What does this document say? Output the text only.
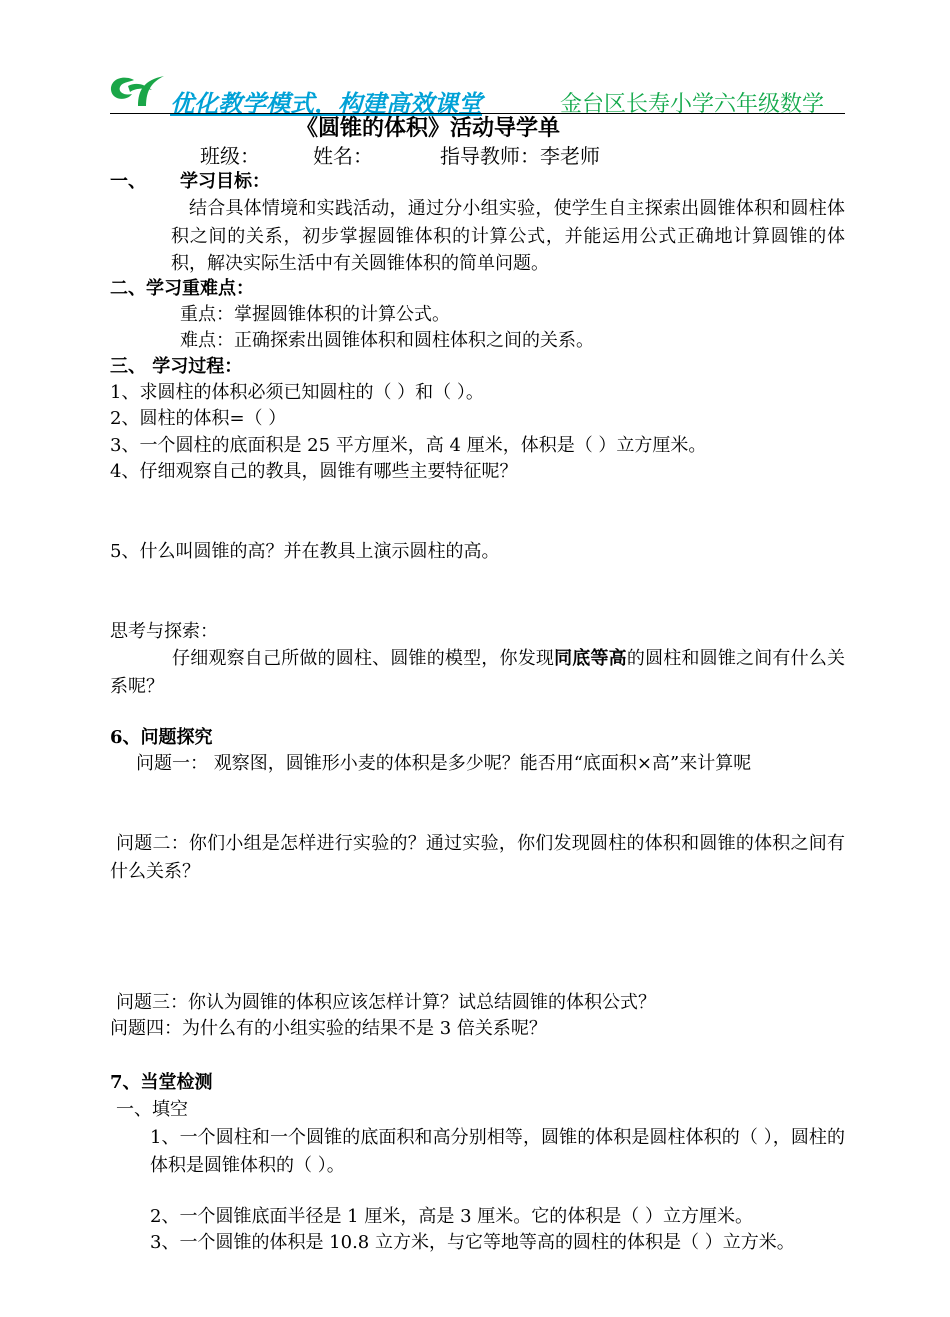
优化教学模式，构建高效课堂	金台区长寿小学六年级数学
《圆锥的体积》活动导学单
班级：	姓名：	指导教师：李老师
一、 学习目标：
结合具体情境和实践活动，通过分小组实验，使学生自主探索出圆锥体积和圆柱体积之间的关系，初步掌握圆锥体积的计算公式，并能运用公式正确地计算圆锥的体积，解决实际生活中有关圆锥体积的简单问题。
二、学习重难点：
重点：掌握圆锥体积的计算公式。
难点：正确探索出圆锥体积和圆柱体积之间的关系。
三、 学习过程：
1、求圆柱的体积必须已知圆柱的（ ）和（ ）。
2、圆柱的体积=（ ）
3、一个圆柱的底面积是 25 平方厘米，高 4 厘米，体积是（ ）立方厘米。
4、仔细观察自己的教具，圆锥有哪些主要特征呢？
5、什么叫圆锥的高？并在教具上演示圆柱的高。
思考与探索：
仔细观察自己所做的圆柱、圆锥的模型，你发现同底等高的圆柱和圆锥之间有什么关系呢？
6、问题探究
问题一： 观察图，圆锥形小麦的体积是多少呢？能否用“底面积×高”来计算呢
问题二：你们小组是怎样进行实验的？通过实验，你们发现圆柱的体积和圆锥的体积之间有什么关系？
问题三：你认为圆锥的体积应该怎样计算？试总结圆锥的体积公式？
问题四：为什么有的小组实验的结果不是 3 倍关系呢？
7、当堂检测
一、填空
1、一个圆柱和一个圆锥的底面积和高分别相等，圆锥的体积是圆柱体积的（ ），圆柱的体积是圆锥体积的（ ）。
2、一个圆锥底面半径是 1 厘米，高是 3 厘米。它的体积是（ ）立方厘米。
3、一个圆锥的体积是 10.8 立方米，与它等地等高的圆柱的体积是（ ）立方米。
